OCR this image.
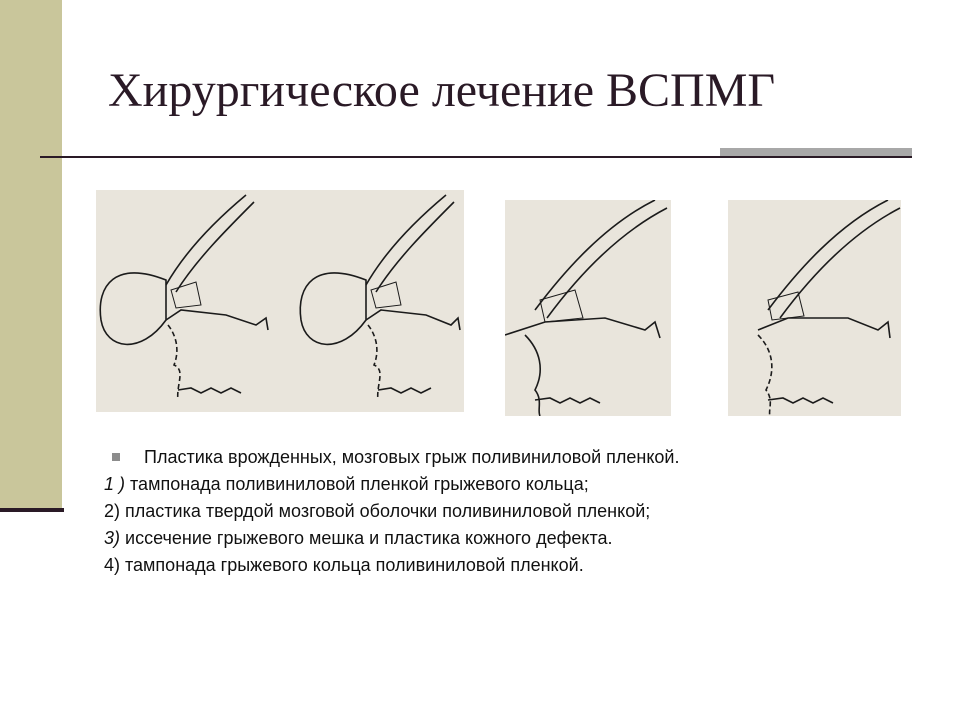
Хирургическое лечение ВСПМГ
Пластика врожденных, мозговых грыж поливиниловой пленкой.
1 ) тампонада поливиниловой пленкой грыжевого кольца;
2) пластика твердой мозговой оболочки поливиниловой пленкой;
3) иссечение грыжевого мешка и пластика кожного дефекта.
4) тампонада грыжевого кольца поливиниловой пленкой.
